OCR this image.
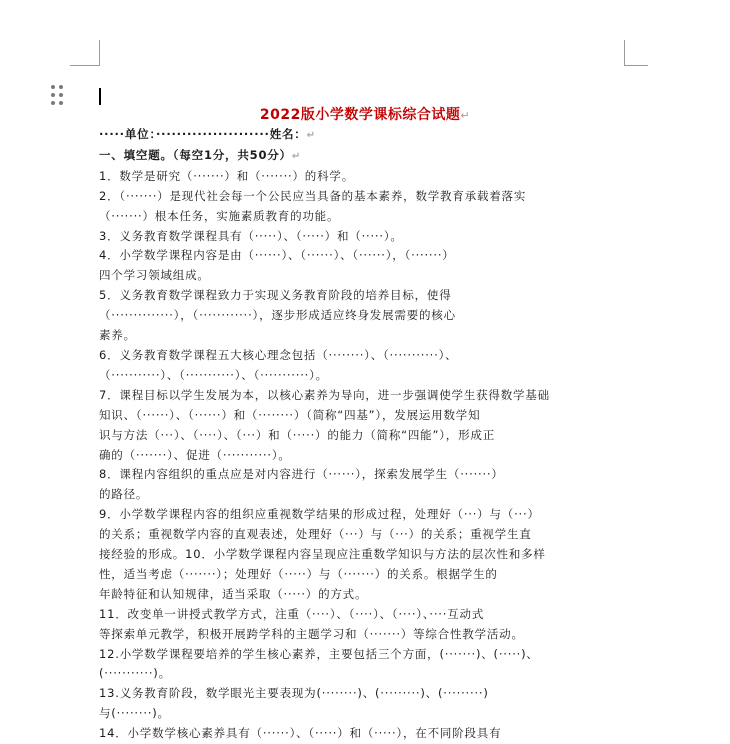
2022版小学数学课标综合试题↵
·····单位：······················姓名：↵
一、填空题。（每空1分，共50分）↵
1．数学是研究（·······）和（·······）的科学。
2．（·······）是现代社会每一个公民应当具备的基本素养，数学教育承载着落实
（·······）根本任务，实施素质教育的功能。
3．义务教育数学课程具有（·····）、（·····）和（·····）。
4．小学数学课程内容是由（······）、（······）、（······），（·······）
四个学习领域组成。
5．义务教育数学课程致力于实现义务教育阶段的培养目标，使得
（··············），（············），逐步形成适应终身发展需要的核心
素养。
6．义务教育数学课程五大核心理念包括（········）、（···········）、
（···········）、（···········）、（···········）。
7．课程目标以学生发展为本，以核心素养为导向，进一步强调使学生获得数学基础
知识、（······）、（······）和（········）（简称“四基”），发展运用数学知
识与方法（···）、（····）、（···）和（·····）的能力（简称“四能”），形成正
确的（·······）、促进（···········）。
8．课程内容组织的重点应是对内容进行（······），探索发展学生（·······）
的路径。
9．小学数学课程内容的组织应重视数学结果的形成过程，处理好（···）与（···）
的关系；重视数学内容的直观表述，处理好（···）与（···）的关系；重视学生直
接经验的形成。10．小学数学课程内容呈现应注重数学知识与方法的层次性和多样
性，适当考虑（·······）；处理好（·····）与（·······）的关系。根据学生的
年龄特征和认知规律，适当采取（·····）的方式。
11．改变单一讲授式教学方式，注重（····）、（····）、（····）、····互动式
等探索单元教学，积极开展跨学科的主题学习和（·······）等综合性教学活动。
12.小学数学课程要培养的学生核心素养，主要包括三个方面，(·······)、(·····)、
(···········)。
13.义务教育阶段，数学眼光主要表现为(········)、(·········)、(·········)
与(········)。
14．小学数学核心素养具有（······）、（·····）和（·····），在不同阶段具有
